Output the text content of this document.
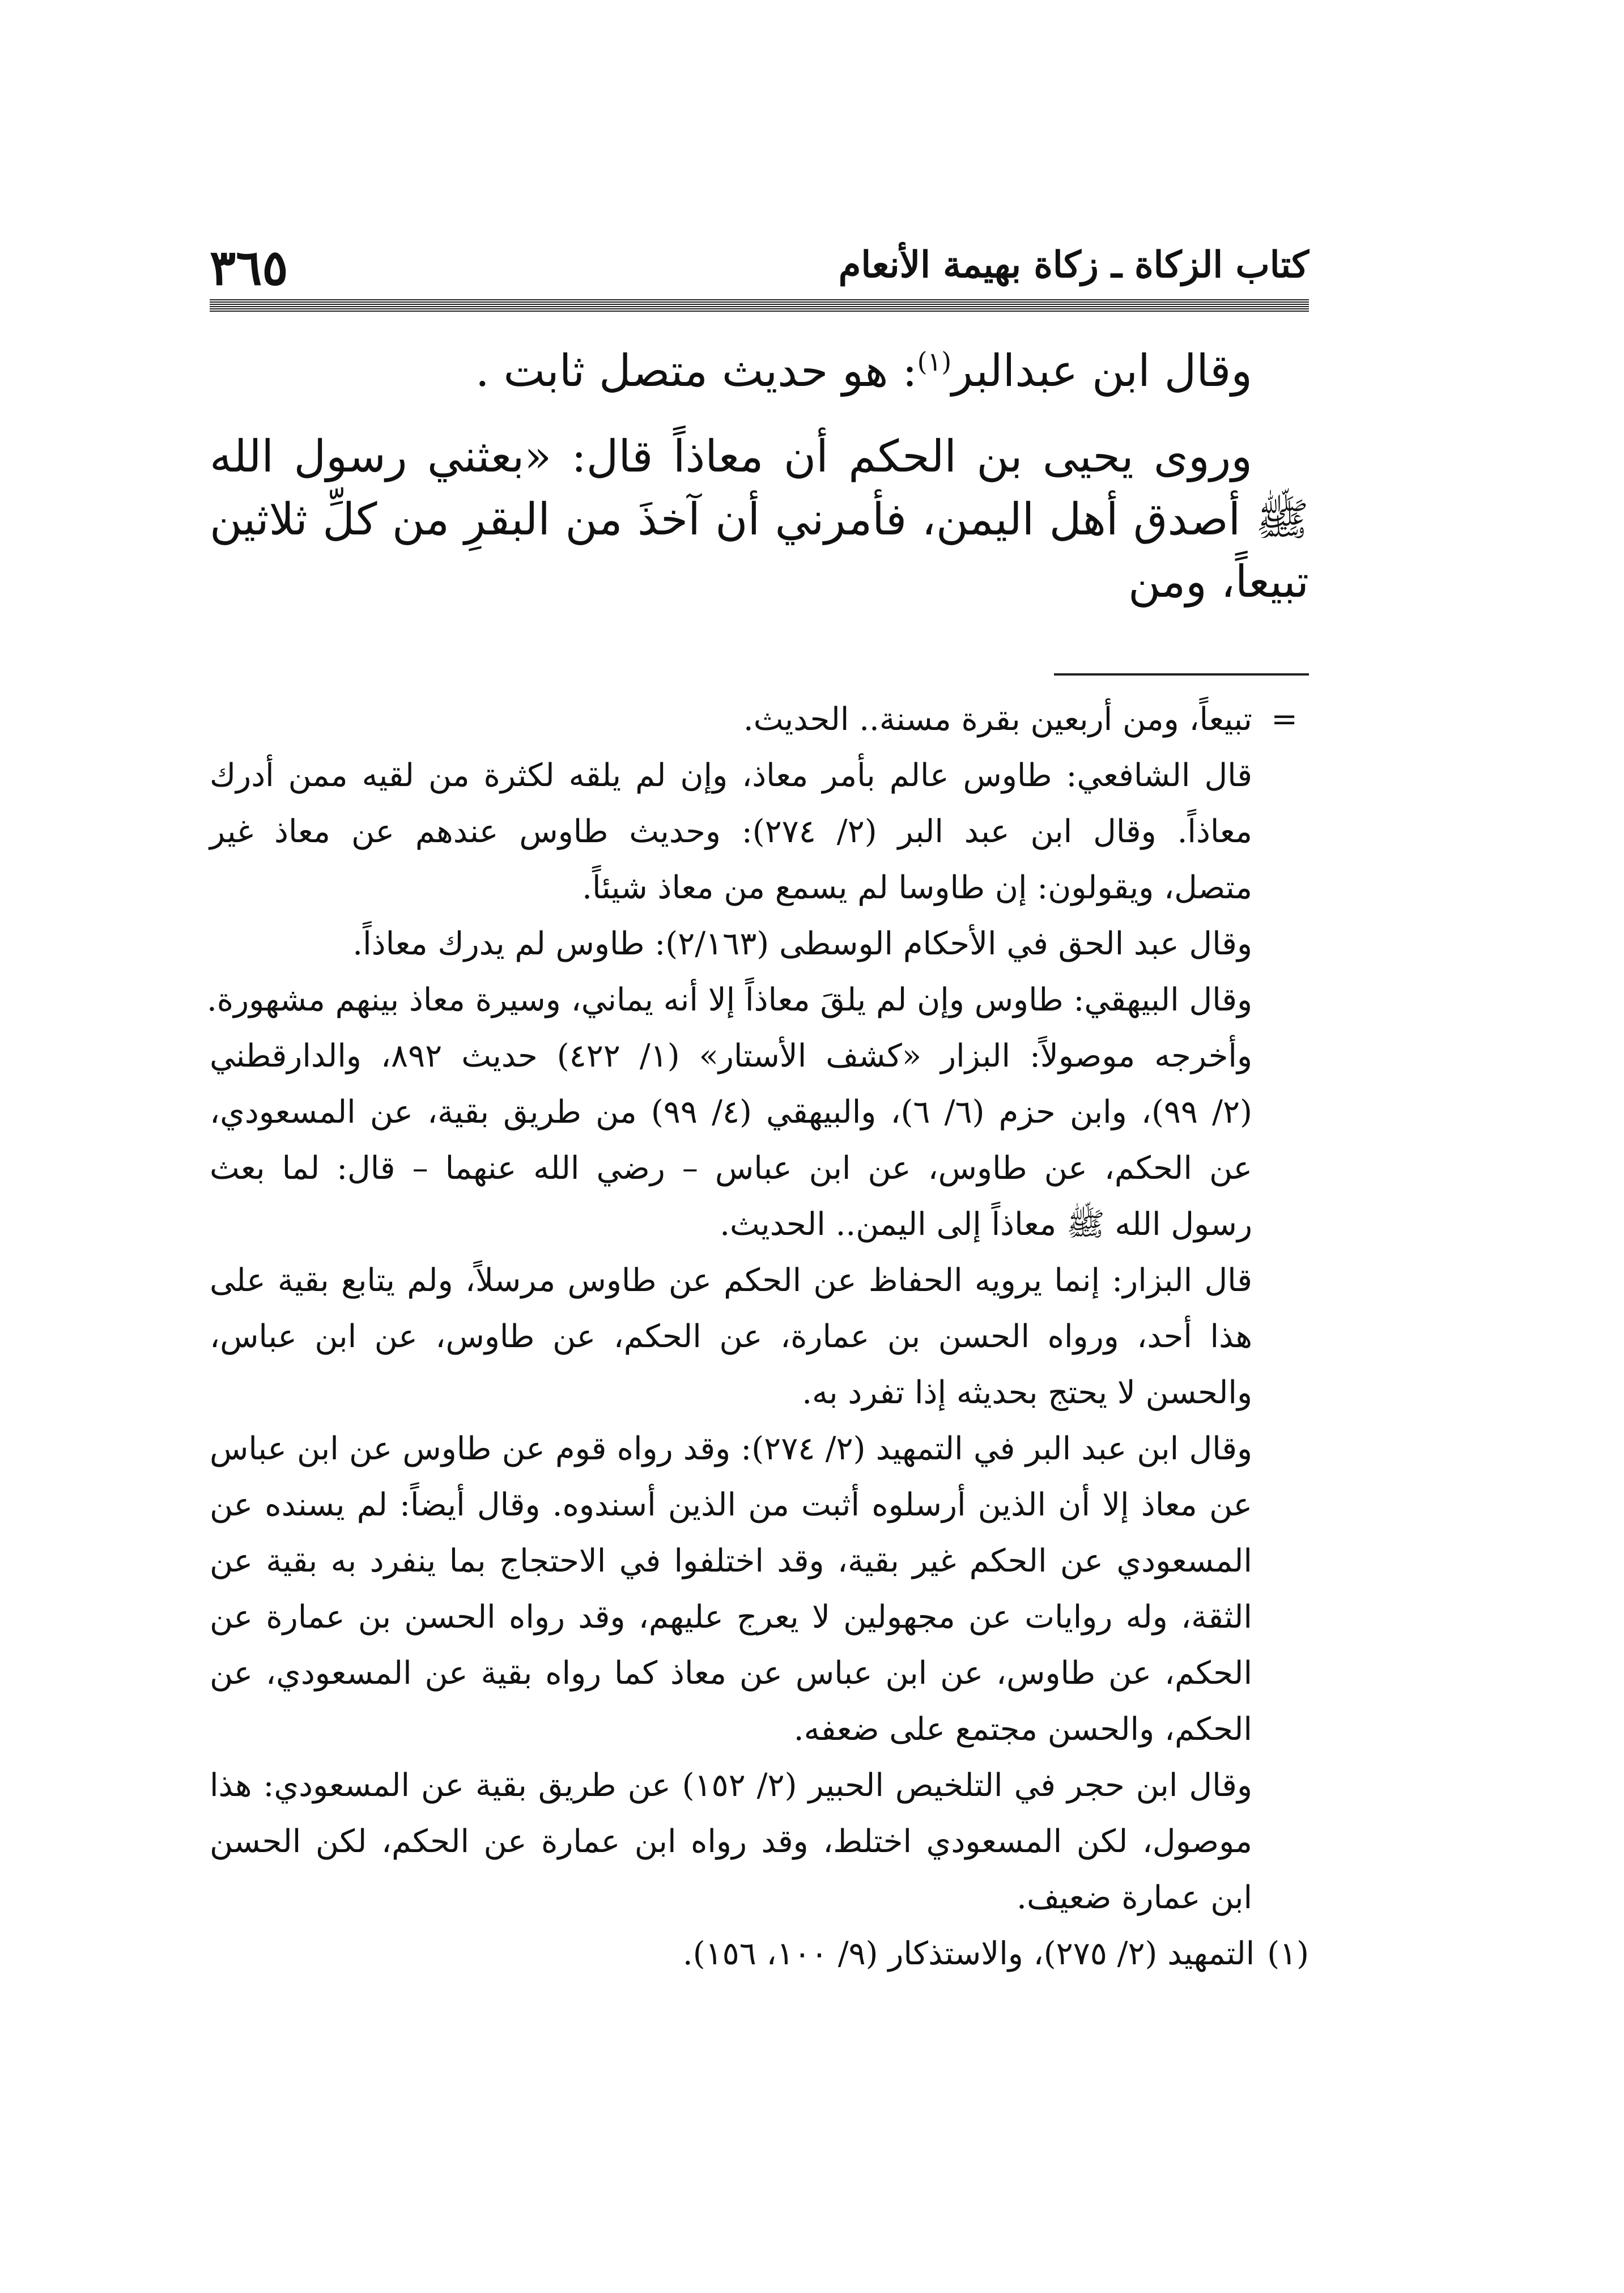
كتاب الزكاة ـ زكاة بهيمة الأنعام
٣٦٥

وقال ابن عبدالبر$^{(١)}$: هو حديث متصل ثابت .

وروى يحيى بن الحكم أن معاذاً قال: «بعثني رسول الله ﷺ أصدق أهل اليمن، فأمرني أن آخذَ من البقرِ من كلِّ ثلاثين تبيعاً، ومن

=
تبيعاً، ومن أربعين بقرة مسنة.. الحديث.
قال الشافعي: طاوس عالم بأمر معاذ، وإن لم يلقه لكثرة من لقيه ممن أدرك
معاذاً. وقال ابن عبد البر (٢/ ٢٧٤): وحديث طاوس عندهم عن معاذ غير
متصل، ويقولون: إن طاوسا لم يسمع من معاذ شيئاً.
وقال عبد الحق في الأحكام الوسطى (٢/١٦٣): طاوس لم يدرك معاذاً.
وقال البيهقي: طاوس وإن لم يلقَ معاذاً إلا أنه يماني، وسيرة معاذ بينهم مشهورة.
وأخرجه موصولاً: البزار «كشف الأستار» (١/ ٤٢٢) حديث ٨٩٢، والدارقطني
(٢/ ٩٩)، وابن حزم (٦/ ٦)، والبيهقي (٤/ ٩٩) من طريق بقية، عن المسعودي،
عن الحكم، عن طاوس، عن ابن عباس – رضي الله عنهما – قال: لما بعث
رسول الله ﷺ معاذاً إلى اليمن.. الحديث.
قال البزار: إنما يرويه الحفاظ عن الحكم عن طاوس مرسلاً، ولم يتابع بقية على
هذا أحد، ورواه الحسن بن عمارة، عن الحكم، عن طاوس، عن ابن عباس،
والحسن لا يحتج بحديثه إذا تفرد به.
وقال ابن عبد البر في التمهيد (٢/ ٢٧٤): وقد رواه قوم عن طاوس عن ابن عباس
عن معاذ إلا أن الذين أرسلوه أثبت من الذين أسندوه. وقال أيضاً: لم يسنده عن
المسعودي عن الحكم غير بقية، وقد اختلفوا في الاحتجاج بما ينفرد به بقية عن
الثقة، وله روايات عن مجهولين لا يعرج عليهم، وقد رواه الحسن بن عمارة عن
الحكم، عن طاوس، عن ابن عباس عن معاذ كما رواه بقية عن المسعودي، عن
الحكم، والحسن مجتمع على ضعفه.
وقال ابن حجر في التلخيص الحبير (٢/ ١٥٢) عن طريق بقية عن المسعودي: هذا
موصول، لكن المسعودي اختلط، وقد رواه ابن عمارة عن الحكم، لكن الحسن
ابن عمارة ضعيف.
(١)التمهيد (٢/ ٢٧٥)، والاستذكار (٩/ ١٠٠، ١٥٦).
